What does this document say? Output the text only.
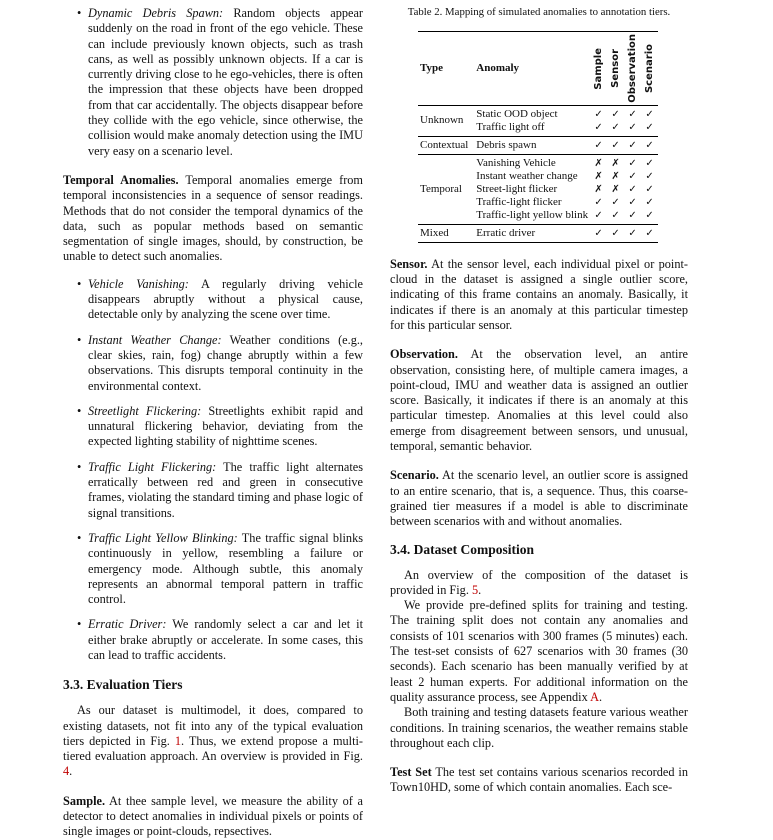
• Dynamic Debris Spawn: Random objects appear suddenly on the road in front of the ego vehicle. These can include previously known objects, such as trash cans, as well as possibly unknown objects. If a car is currently driving close to he ego-vehicles, there is often the impression that these objects have been dropped from that car accidentally. The objects disappear before they collide with the ego vehicle, since otherwise, the collision would make anomaly detection using the IMU very easy on a scenario level.

Temporal Anomalies. Temporal anomalies emerge from temporal inconsistencies in a sequence of sensor readings. Methods that do not consider the temporal dynamics of the data, such as popular methods based on semantic segmentation of single images, should, by construction, be unable to detect such anomalies.

• Vehicle Vanishing: A regularly driving vehicle disappears abruptly without a physical cause, detectable only by analyzing the scene over time.
• Instant Weather Change: Weather conditions (e.g., clear skies, rain, fog) change abruptly within a few observations. This disrupts temporal continuity in the environmental context.
• Streetlight Flickering: Streetlights exhibit rapid and unnatural flickering behavior, deviating from the expected lighting stability of nighttime scenes.
• Traffic Light Flickering: The traffic light alternates erratically between red and green in consecutive frames, violating the standard timing and phase logic of signal transitions.
• Traffic Light Yellow Blinking: The traffic signal blinks continuously in yellow, resembling a failure or emergency mode. Although subtle, this anomaly represents an abnormal temporal pattern in traffic control.
• Erratic Driver: We randomly select a car and let it either brake abruptly or accelerate. In some cases, this can lead to traffic accidents.
3.3. Evaluation Tiers

As our dataset is multimodel, it does, compared to existing datasets, not fit into any of the typical evaluation tiers depicted in Fig. 1. Thus, we extend propose a multi-tiered evaluation approach. An overview is provided in Fig. 4.

Sample. At thee sample level, we measure the ability of a detector to detect anomalies in individual pixels or points of single images or point-clouds, repsectives.

Table 2. Mapping of simulated anomalies to annotation tiers.
Type	Anomaly	Sample	Sensor	Observation	Scenario

Unknown	Static OOD object	✓	✓	✓	✓
	Traffic light off	✓	✓	✓	✓
Contextual	Debris spawn	✓	✓	✓	✓
Temporal	Vanishing Vehicle	✗	✗	✓	✓
	Instant weather change	✗	✗	✓	✓
	Street-light flicker	✗	✗	✓	✓
	Traffic-light flicker	✓	✓	✓	✓
	Traffic-light yellow blink	✓	✓	✓	✓
Mixed	Erratic driver	✓	✓	✓	✓

Sensor. At the sensor level, each individual pixel or point-cloud in the dataset is assigned a single outlier score, indicating of this frame contains an anomaly. Basically, it indicates if there is an anomaly at this particular timestep for this particular sensor.

Observation. At the observation level, an antire observation, consisting here, of multiple camera images, a point-cloud, IMU and weather data is assigned an outlier score. Basically, it indicates if there is an anomaly at this particular timestep. Anomalies at this level could also emerge from disagreement between sensors, und unusual, temporal, semantic behavior.

Scenario. At the scenario level, an outlier score is assigned to an entire scenario, that is, a sequence. Thus, this coarse-grained tier measures if a model is able to discriminate between scenarios with and without anomalies.

3.4. Dataset Composition

An overview of the composition of the dataset is provided in Fig. 5.

We provide pre-defined splits for training and testing. The training split does not contain any anomalies and consists of 101 scenarios with 300 frames (5 minutes) each. The test-set consists of 627 scenarios with 30 frames (30 seconds). Each scenario has been manually verified by at least 2 human experts. For additional information on the quality assurance process, see Appendix A.

Both training and testing datasets feature various weather conditions. In training scenarios, the weather remains stable throughout each clip.

Test Set The test set contains various scenarios recorded in Town10HD, some of which contain anomalies. Each sce-
